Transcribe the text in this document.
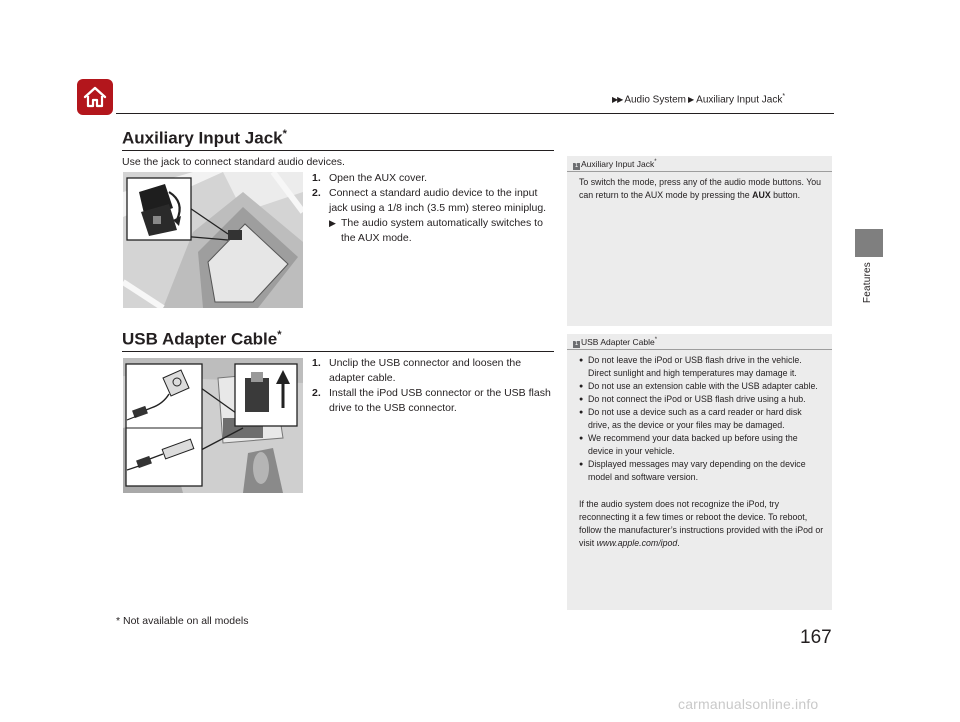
▶▶ Audio System ▶ Auxiliary Input Jack*
Features
Auxiliary Input Jack*
Use the jack to connect standard audio devices.
1. Open the AUX cover.
2. Connect a standard audio device to the input jack using a 1/8 inch (3.5 mm) stereo miniplug.
▶ The audio system automatically switches to the AUX mode.
1 Auxiliary Input Jack*
To switch the mode, press any of the audio mode buttons. You can return to the AUX mode by pressing the AUX button.
USB Adapter Cable*
1. Unclip the USB connector and loosen the adapter cable.
2. Install the iPod USB connector or the USB flash drive to the USB connector.
1 USB Adapter Cable*
● Do not leave the iPod or USB flash drive in the vehicle. Direct sunlight and high temperatures may damage it.
● Do not use an extension cable with the USB adapter cable.
● Do not connect the iPod or USB flash drive using a hub.
● Do not use a device such as a card reader or hard disk drive, as the device or your files may be damaged.
● We recommend your data backed up before using the device in your vehicle.
● Displayed messages may vary depending on the device model and software version.
If the audio system does not recognize the iPod, try reconnecting it a few times or reboot the device. To reboot, follow the manufacturer’s instructions provided with the iPod or visit www.apple.com/ipod.
* Not available on all models
167
carmanualsonline.info
